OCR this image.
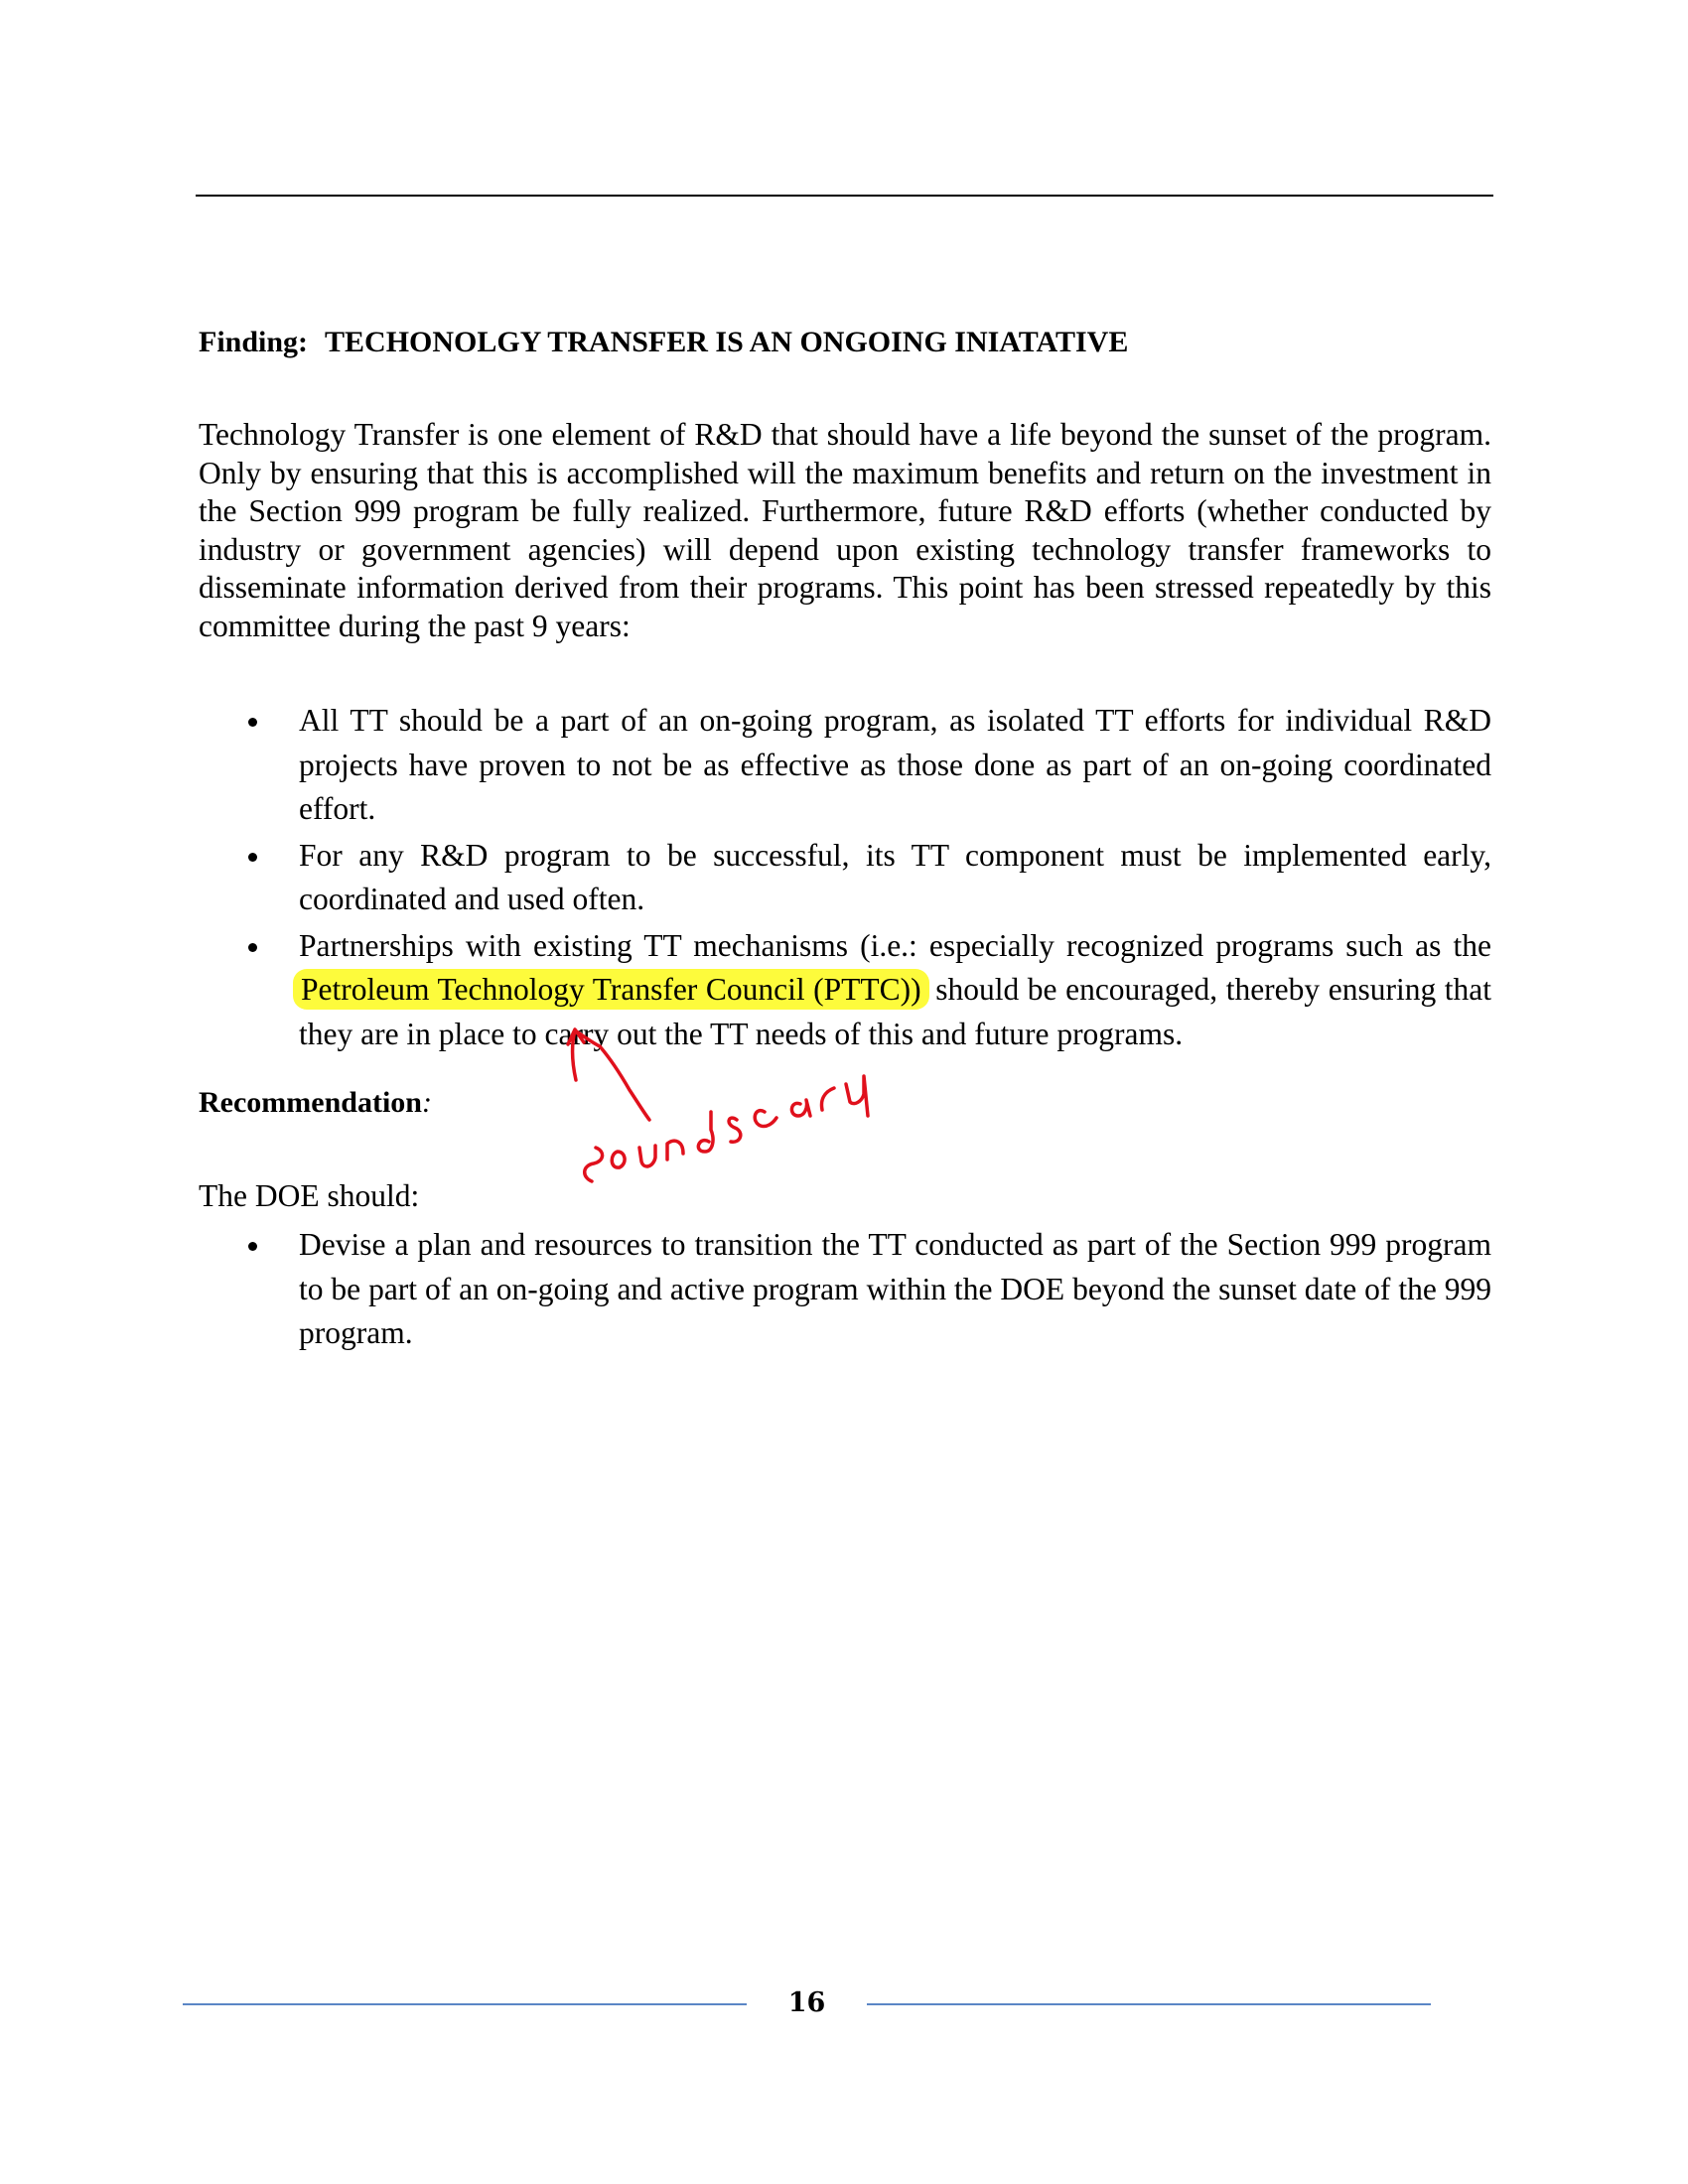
Finding: TECHONOLGY TRANSFER IS AN ONGOING INIATATIVE
Technology Transfer is one element of R&D that should have a life beyond the sunset of the program. Only by ensuring that this is accomplished will the maximum benefits and return on the investment in the Section 999 program be fully realized. Furthermore, future R&D efforts (whether conducted by industry or government agencies) will depend upon existing technology transfer frameworks to disseminate information derived from their programs. This point has been stressed repeatedly by this committee during the past 9 years:
All TT should be a part of an on-going program, as isolated TT efforts for individual R&D projects have proven to not be as effective as those done as part of an on-going coordinated effort.
For any R&D program to be successful, its TT component must be implemented early, coordinated and used often.
Partnerships with existing TT mechanisms (i.e.: especially recognized programs such as the Petroleum Technology Transfer Council (PTTC)) should be encouraged, thereby ensuring that they are in place to carry out the TT needs of this and future programs.
Recommendation:
sounds scary
The DOE should:
Devise a plan and resources to transition the TT conducted as part of the Section 999 program to be part of an on-going and active program within the DOE beyond the sunset date of the 999 program.
16
